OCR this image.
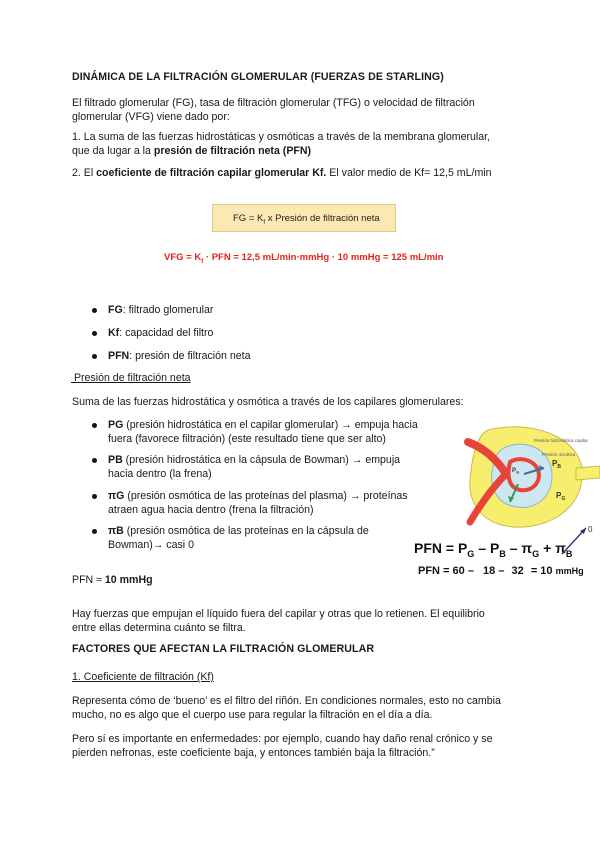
DINÁMICA DE LA FILTRACIÓN GLOMERULAR (FUERZAS DE STARLING)
El filtrado glomerular (FG), tasa de filtración glomerular (TFG) o velocidad de filtración
glomerular (VFG) viene dado por:
1. La suma de las fuerzas hidrostáticas y osmóticas a través de la membrana glomerular,
que da lugar a la presión de filtración neta (PFN)
2. El coeficiente de filtración capilar glomerular Kf. El valor medio de Kf= 12,5 mL/min
FG = $K_f$ x Presión de filtración neta
VFG = $K_f$ · PFN = 12,5 mL/min·mmHg · 10 mmHg = 125 mL/min
FG: filtrado glomerular
Kf: capacidad del filtro
PFN: presión de filtración neta
Presión de filtración neta
Suma de las fuerzas hidrostática y osmótica a través de los capilares glomerulares:
PG (presión hidrostática en el capilar glomerular) → empuja hacia
fuera (favorece filtración) (este resultado tiene que ser alto)
PB (presión hidrostática en la cápsula de Bowman) → empuja
hacia dentro (la frena)
πG (presión osmótica de las proteínas del plasma) → proteínas
atraen agua hacia dentro (frena la filtración)
πB (presión osmótica de las proteínas en la cápsula de
Bowman)→ casi 0
Presión hidrostática capilar
Presión oncótica
$P_B$
$P_G$
$P_G$
PFN = $P_G - P_B - \pi_G + \pi_B$
0
PFN = 60 – 18 – 32 = 10 mmHg
PFN ≈ 10 mmHg
Hay fuerzas que empujan el líquido fuera del capilar y otras que lo retienen. El equilibrio
entre ellas determina cuánto se filtra.
FACTORES QUE AFECTAN LA FILTRACIÓN GLOMERULAR
1. Coeficiente de filtración (Kf)
Representa cómo de ‘bueno’ es el filtro del riñón. En condiciones normales, esto no cambia
mucho, no es algo que el cuerpo use para regular la filtración en el día a día.
Pero sí es importante en enfermedades: por ejemplo, cuando hay daño renal crónico y se
pierden nefronas, este coeficiente baja, y entonces también baja la filtración.”
